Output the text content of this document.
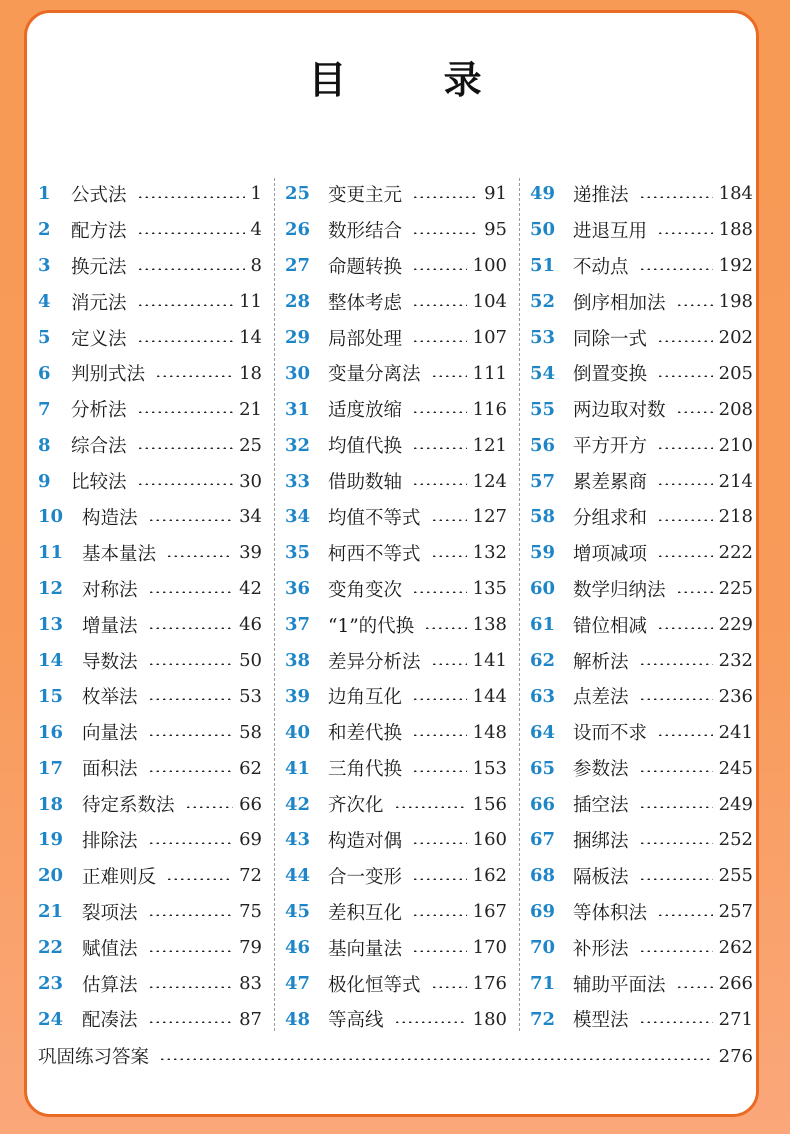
目 录
1	公式法	1
2	配方法	4
3	换元法	8
4	消元法	11
5	定义法	14
6	判别式法	18
7	分析法	21
8	综合法	25
9	比较法	30
10	构造法	34
11	基本量法	39
12	对称法	42
13	增量法	46
14	导数法	50
15	枚举法	53
16	向量法	58
17	面积法	62
18	待定系数法	66
19	排除法	69
20	正难则反	72
21	裂项法	75
22	赋值法	79
23	估算法	83
24	配凑法	87
25 变更主元	91
26 数形结合	95
27 命题转换	100
28 整体考虑	104
29 局部处理	107
30 变量分离法	111
31 适度放缩	116
32 均值代换	121
33 借助数轴	124
34 均值不等式	127
35 柯西不等式	132
36 变角变次	135
37 “1”的代换	138
38 差异分析法	141
39 边角互化	144
40 和差代换	148
41 三角代换	153
42 齐次化	156
43 构造对偶	160
44 合一变形	162
45 差积互化	167
46 基向量法	170
47 极化恒等式	176
48 等高线	180
49 递推法	184
50 进退互用	188
51 不动点	192
52 倒序相加法	198
53 同除一式	202
54 倒置变换	205
55 两边取对数	208
56 平方开方	210
57 累差累商	214
58 分组求和	218
59 增项减项	222
60 数学归纳法	225
61 错位相减	229
62 解析法	232
63 点差法	236
64 设而不求	241
65 参数法	245
66 插空法	249
67 捆绑法	252
68 隔板法	255
69 等体积法	257
70 补形法	262
71 辅助平面法	266
72 模型法	271
巩固练习答案	276
